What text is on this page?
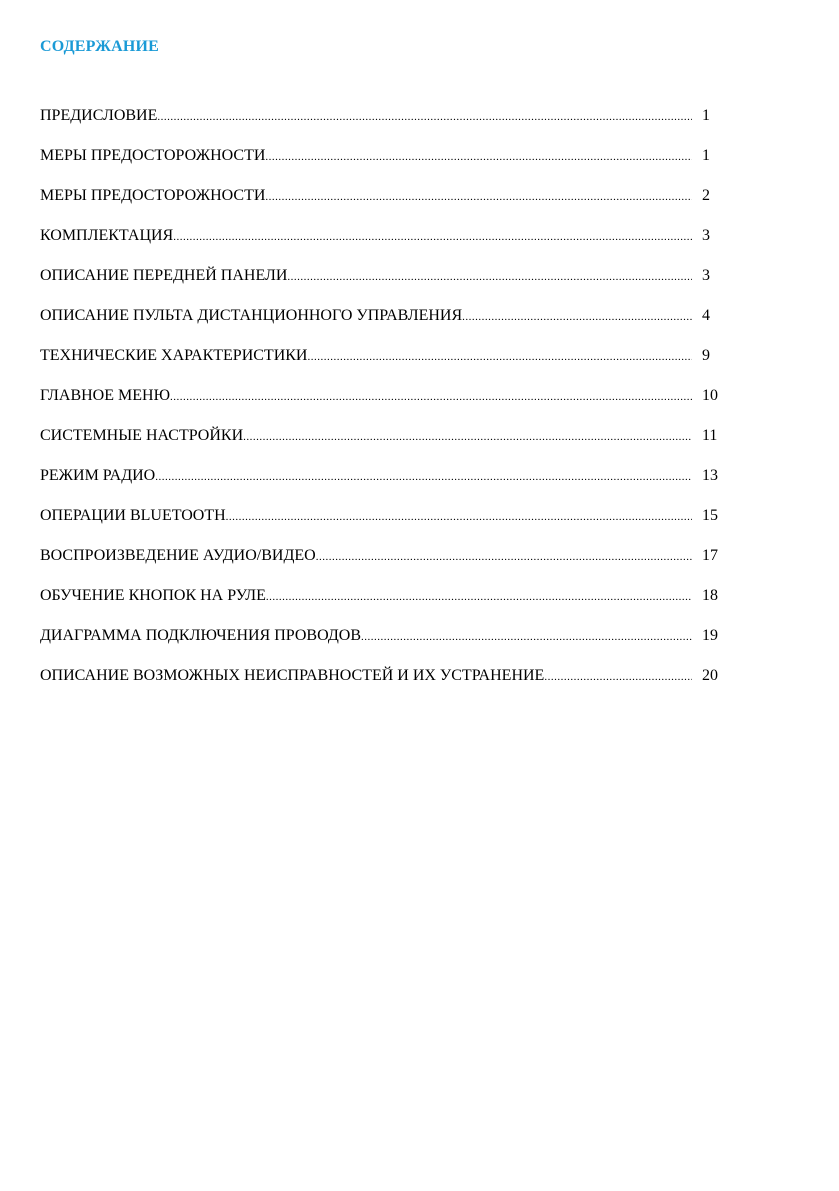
СОДЕРЖАНИЕ
ПРЕДИСЛОВИЕ .....	1
МЕРЫ ПРЕДОСТОРОЖНОСТИ .....	1
МЕРЫ ПРЕДОСТОРОЖНОСТИ .....	2
КОМПЛЕКТАЦИЯ .....	3
ОПИСАНИЕ ПЕРЕДНЕЙ ПАНЕЛИ .....	3
ОПИСАНИЕ ПУЛЬТА ДИСТАНЦИОННОГО УПРАВЛЕНИЯ .....	4
ТЕХНИЧЕСКИЕ ХАРАКТЕРИСТИКИ .....	9
ГЛАВНОЕ МЕНЮ .....	10
СИСТЕМНЫЕ НАСТРОЙКИ .....	11
РЕЖИМ РАДИО .....	13
ОПЕРАЦИИ BLUETOOTH .....	15
ВОСПРОИЗВЕДЕНИЕ АУДИО/ВИДЕО .....	17
ОБУЧЕНИЕ КНОПОК НА РУЛЕ .....	18
ДИАГРАММА ПОДКЛЮЧЕНИЯ ПРОВОДОВ .....	19
ОПИСАНИЕ ВОЗМОЖНЫХ НЕИСПРАВНОСТЕЙ И ИХ УСТРАНЕНИЕ .....	20
